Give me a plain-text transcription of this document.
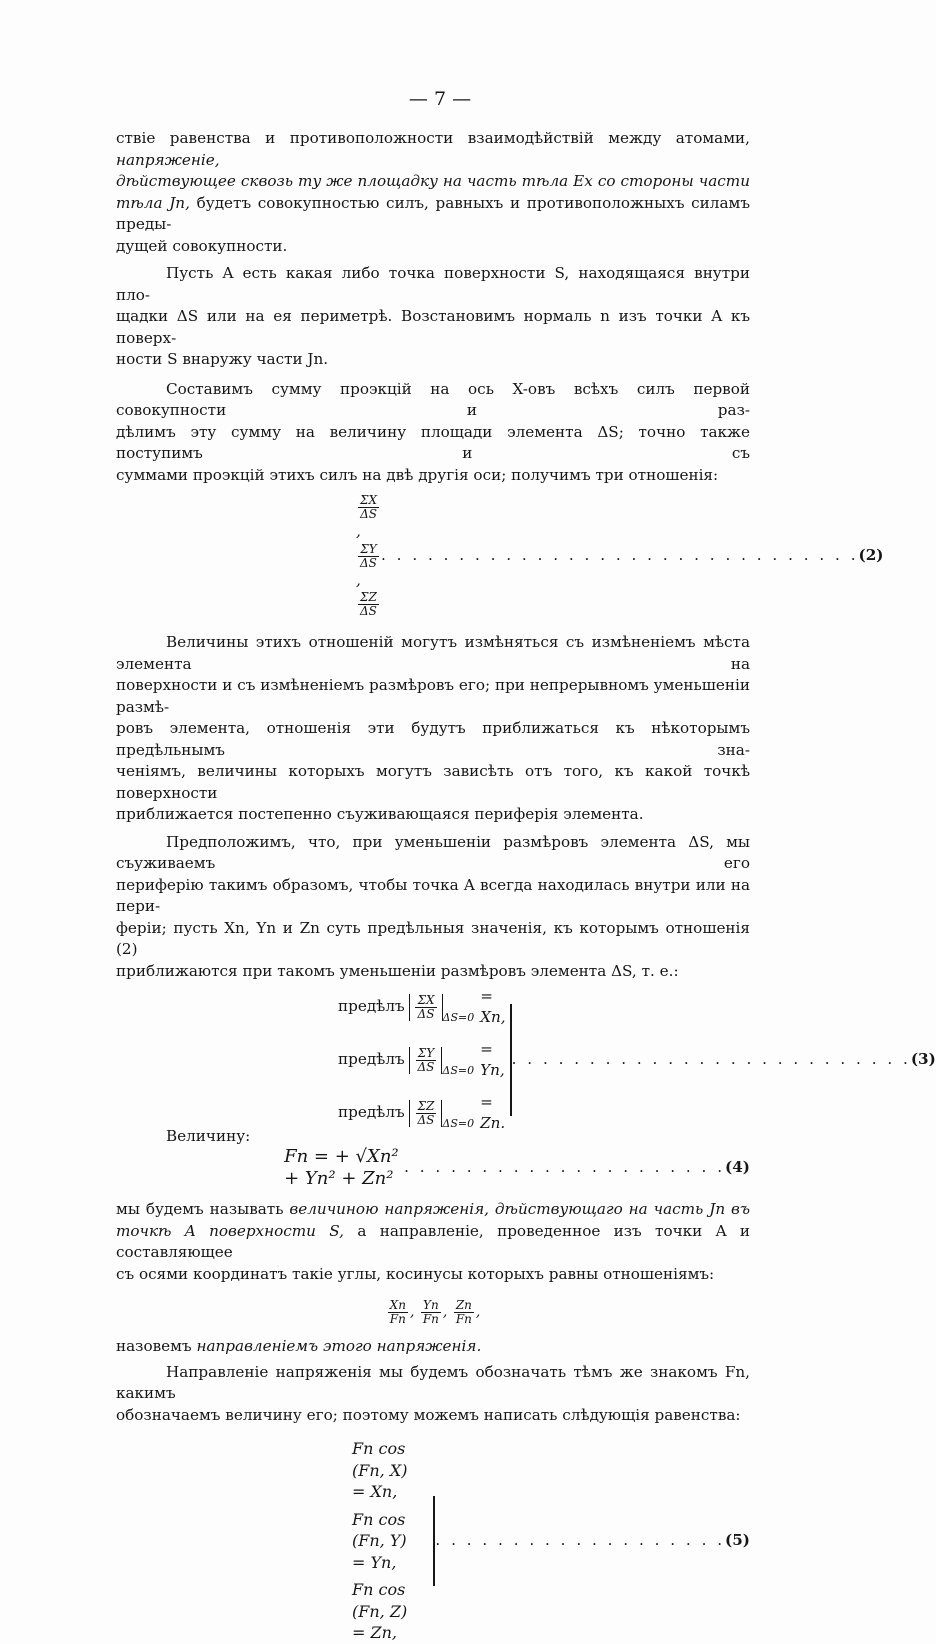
— 7 —

ствіе равенства и противоположности взаимодѣйствій между атомами, напряженіе,

дѣйствующее сквозь ту же площадку на часть тѣла Ex со стороны части

тѣла Jn, будетъ совокупностью силъ, равныхъ и противоположныхъ силамъ преды-

дущей совокупности.

Пусть A есть какая либо точка поверхности S, находящаяся внутри пло-

щадки ΔS или на ея периметрѣ. Возстановимъ нормаль n изъ точки A къ поверх-

ности S внаружу части Jn.

Составимъ сумму проэкцій на ось X-овъ всѣхъ силъ первой совокупности и раз-

дѣлимъ эту сумму на величину площади элемента ΔS; точно также поступимъ и съ

суммами проэкцій этихъ силъ на двѣ другія оси; получимъ три отношенія:

$\frac{\Sigma X}{\Delta S}$
,
$\frac{\Sigma Y}{\Delta S}$
,
$\frac{\Sigma Z}{\Delta S}$
. . . . . . . . . . . . . . . . . . . . . . . . . . . . . . . (2)

Величины этихъ отношеній могутъ измѣняться съ измѣненіемъ мѣста элемента на

поверхности и съ измѣненіемъ размѣровъ его; при непрерывномъ уменьшеніи размѣ-

ровъ элемента, отношенія эти будутъ приближаться къ нѣкоторымъ предѣльнымъ зна-

ченіямъ, величины которыхъ могутъ зависѣть отъ того, къ какой точкѣ поверхности

приближается постепенно съуживающаяся периферія элемента.

Предположимъ, что, при уменьшеніи размѣровъ элемента ΔS, мы съуживаемъ его

периферію такимъ образомъ, чтобы точка A всегда находилась внутри или на пери-

феріи; пусть Xn, Yn и Zn суть предѣльныя значенія, къ которымъ отношенія (2)

приближаются при такомъ уменьшеніи размѣровъ элемента ΔS, т. е.:

предѣлъ
$\frac{\Sigma X}{\Delta S} \Delta S=0$
= Xn,
предѣлъ
$\frac{\Sigma Y}{\Delta S} \Delta S=0$
= Yn,
предѣлъ
$\frac{\Sigma Z}{\Delta S} \Delta S=0$
= Zn.
. . . . . . . . . . . . . . . . . . . . . . . . . . (3)
Величину:
Fn = + √Xn² + Yn² + Zn²
. . . . . . . . . . . . . . . . . . . . . (4)

мы будемъ называть величиною напряженія, дѣйствующаго на часть Jn въ

точкѣ A поверхности S, а направленіе, проведенное изъ точки A и составляющее

съ осями координатъ такіе углы, косинусы которыхъ равны отношеніямъ:

$\frac{Xn}{Fn}$ , $\frac{Yn}{Fn}$ , $\frac{Zn}{Fn}$ ,

назовемъ направленіемъ этого напряженія.

Направленіе напряженія мы будемъ обозначать тѣмъ же знакомъ Fn, какимъ

обозначаемъ величину его; поэтому можемъ написать слѣдующія равенства:

Fn cos (Fn, X) = Xn,
Fn cos (Fn, Y) = Yn,
Fn cos (Fn, Z) = Zn,
. . . . . . . . . . . . . . . . . . . (5)
